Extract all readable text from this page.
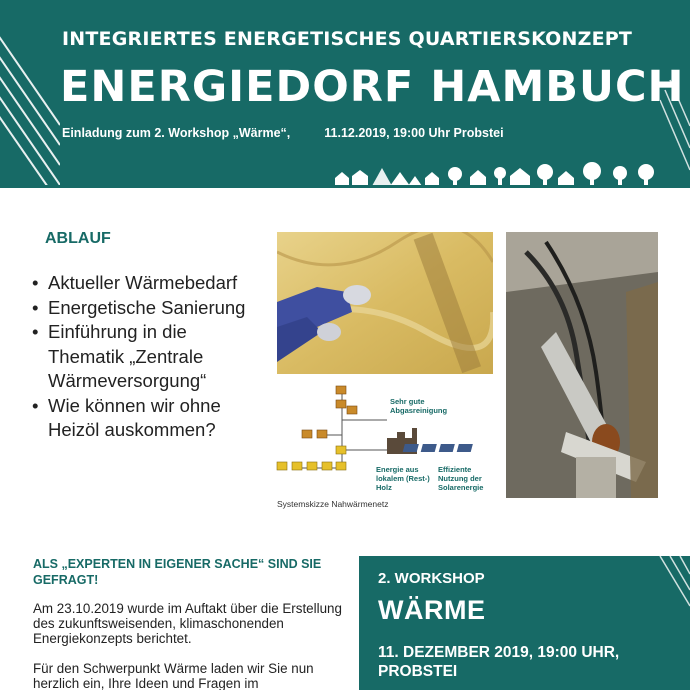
INTEGRIERTES ENERGETISCHES QUARTIERSKONZEPT
ENERGIEDORF HAMBUCH
Einladung zum 2. Workshop „Wärme“,	11.12.2019, 19:00 Uhr Probstei
ABLAUF
• Aktueller Wärmebedarf
• Energetische Sanierung
• Einführung in die Thematik „Zentrale Wärmeversorgung“
• Wie können wir ohne Heizöl auskommen?
Sehr gute Abgasreinigung
Energie aus lokalem (Rest-) Holz
Effiziente Nutzung der Solarenergie
Systemskizze Nahwärmenetz
ALS „EXPERTEN IN EIGENER SACHE“ SIND SIE GEFRAGT!

Am 23.10.2019 wurde im Auftakt über die Erstellung des zukunftsweisenden, klimaschonenden Energiekonzepts berichtet.

Für den Schwerpunkt Wärme laden wir Sie nun herzlich ein, Ihre Ideen und Fragen im

2. WORKSHOP
WÄRME
11. DEZEMBER 2019, 19:00 UHR, PROBSTEI
